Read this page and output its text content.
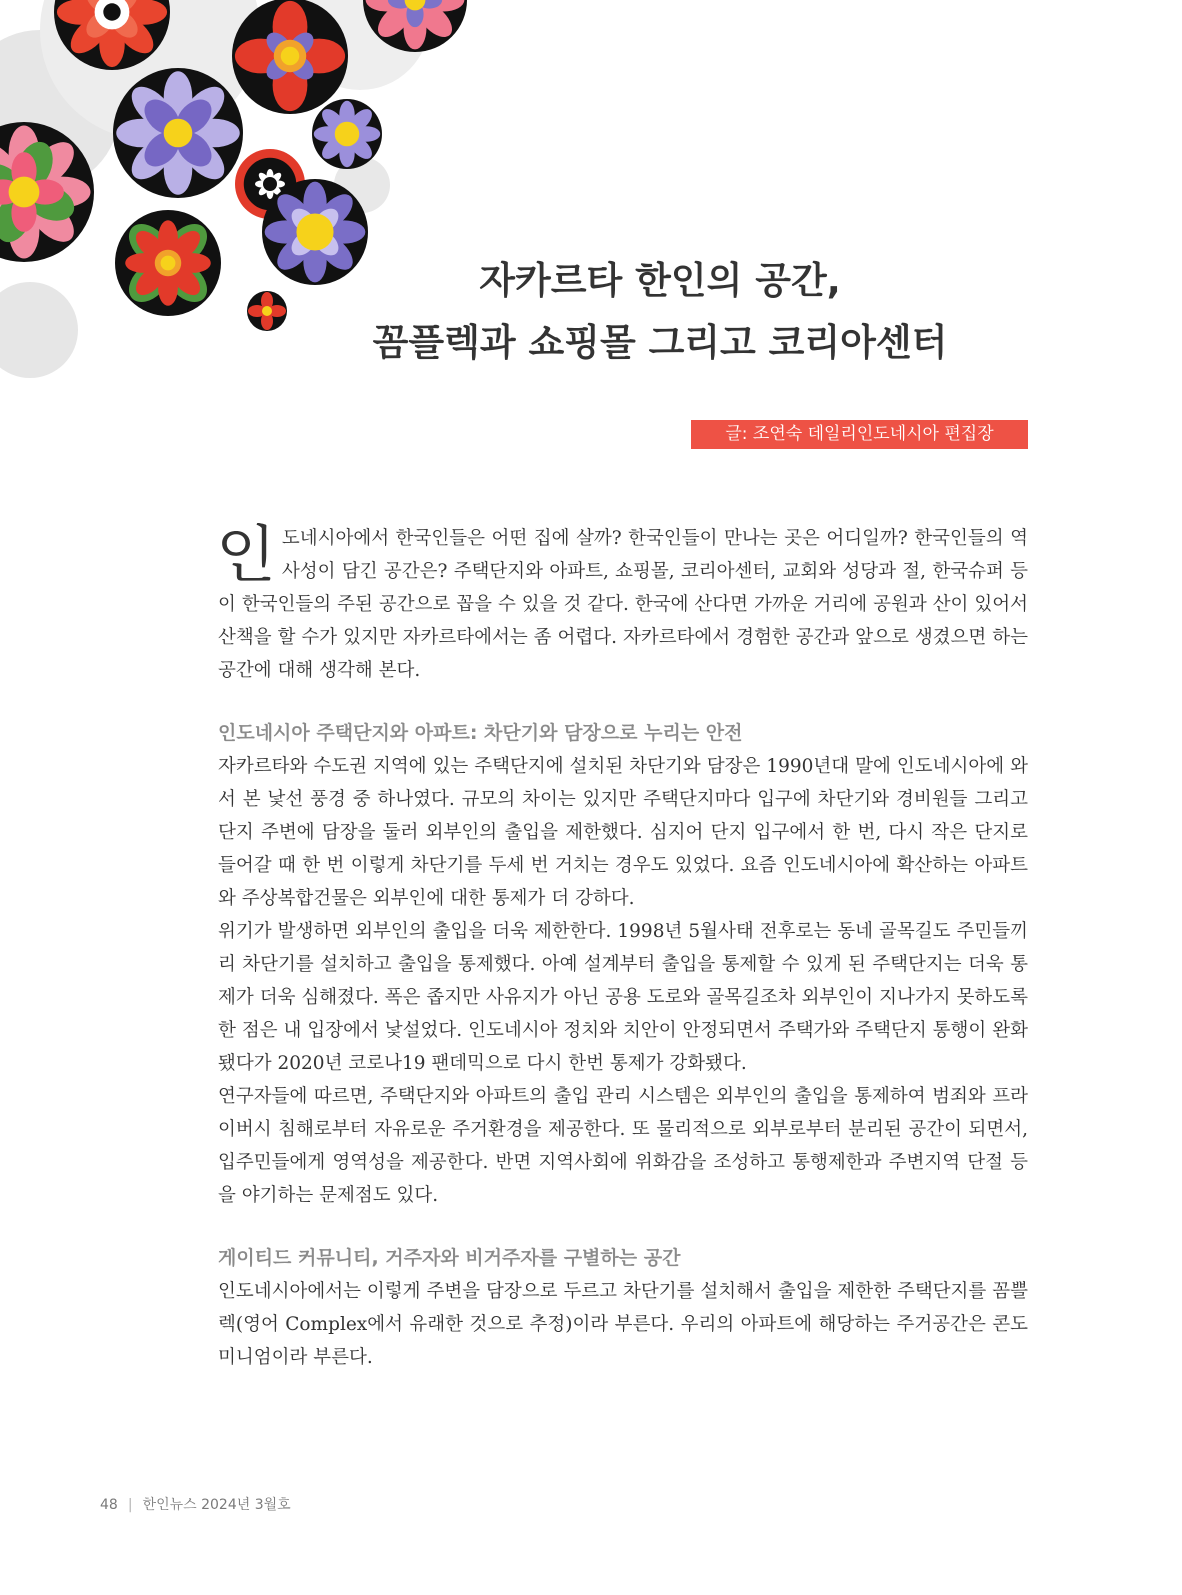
자카르타 한인의 공간,
꼼플렉과 쇼핑몰 그리고 코리아센터
글: 조연숙 데일리인도네시아 편집장

인 도네시아에서 한국인들은 어떤 집에 살까? 한국인들이 만나는 곳은 어디일까? 한국인들의 역사성이 담긴 공간은? 주택단지와 아파트, 쇼핑몰, 코리아센터, 교회와 성당과 절, 한국슈퍼 등이 한국인들의 주된 공간으로 꼽을 수 있을 것 같다. 한국에 산다면 가까운 거리에 공원과 산이 있어서 산책을 할 수가 있지만 자카르타에서는 좀 어렵다. 자카르타에서 경험한 공간과 앞으로 생겼으면 하는 공간에 대해 생각해 본다.

인도네시아 주택단지와 아파트: 차단기와 담장으로 누리는 안전

자카르타와 수도권 지역에 있는 주택단지에 설치된 차단기와 담장은 1990년대 말에 인도네시아에 와서 본 낯선 풍경 중 하나였다. 규모의 차이는 있지만 주택단지마다 입구에 차단기와 경비원들 그리고 단지 주변에 담장을 둘러 외부인의 출입을 제한했다. 심지어 단지 입구에서 한 번, 다시 작은 단지로 들어갈 때 한 번 이렇게 차단기를 두세 번 거치는 경우도 있었다. 요즘 인도네시아에 확산하는 아파트와 주상복합건물은 외부인에 대한 통제가 더 강하다.

위기가 발생하면 외부인의 출입을 더욱 제한한다. 1998년 5월사태 전후로는 동네 골목길도 주민들끼리 차단기를 설치하고 출입을 통제했다. 아예 설계부터 출입을 통제할 수 있게 된 주택단지는 더욱 통제가 더욱 심해졌다. 폭은 좁지만 사유지가 아닌 공용 도로와 골목길조차 외부인이 지나가지 못하도록 한 점은 내 입장에서 낯설었다. 인도네시아 정치와 치안이 안정되면서 주택가와 주택단지 통행이 완화됐다가 2020년 코로나19 팬데믹으로 다시 한번 통제가 강화됐다.

연구자들에 따르면, 주택단지와 아파트의 출입 관리 시스템은 외부인의 출입을 통제하여 범죄와 프라이버시 침해로부터 자유로운 주거환경을 제공한다. 또 물리적으로 외부로부터 분리된 공간이 되면서, 입주민들에게 영역성을 제공한다. 반면 지역사회에 위화감을 조성하고 통행제한과 주변지역 단절 등을 야기하는 문제점도 있다.

게이티드 커뮤니티, 거주자와 비거주자를 구별하는 공간

인도네시아에서는 이렇게 주변을 담장으로 두르고 차단기를 설치해서 출입을 제한한 주택단지를 꼼쁠렉(영어 Complex에서 유래한 것으로 추정)이라 부른다. 우리의 아파트에 해당하는 주거공간은 콘도미니엄이라 부른다.

48 | 한인뉴스 2024년 3월호
